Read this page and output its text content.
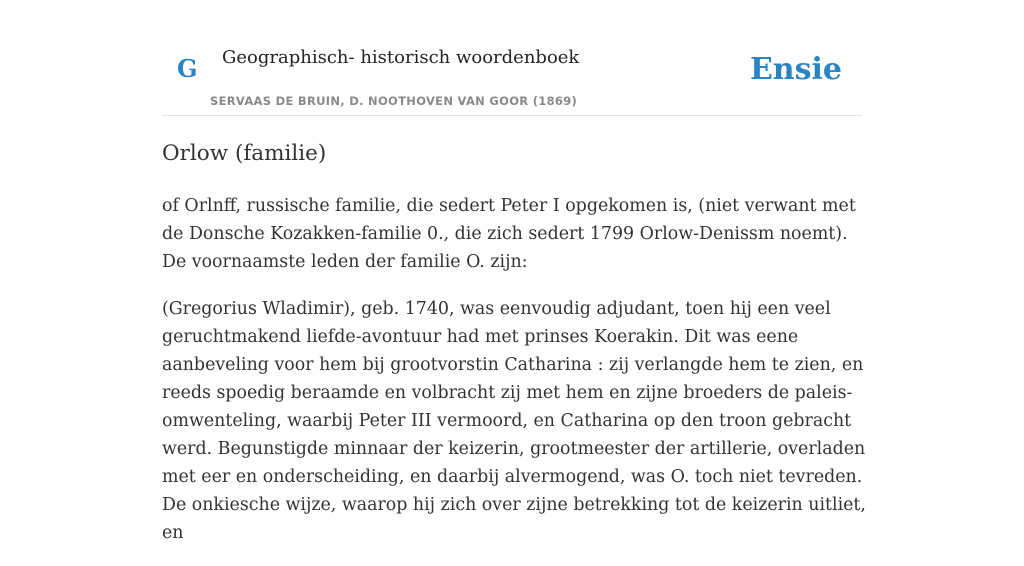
G Geographisch- historisch woordenboek
SERVAAS DE BRUIN, D. NOOTHOVEN VAN GOOR (1869)
Ensie
Orlow (familie)

of Orlnff, russische familie, die sedert Peter I opgekomen is, (niet verwant met de Donsche Kozakken-familie 0., die zich sedert 1799 Orlow-Denissm noemt). De voornaamste leden der familie O. zijn:

(Gregorius Wladimir), geb. 1740, was eenvoudig adjudant, toen hij een veel geruchtmakend liefde-avontuur had met prinses Koerakin. Dit was eene aanbeveling voor hem bij grootvorstin Catharina : zij verlangde hem te zien, en reeds spoedig beraamde en volbracht zij met hem en zijne broeders de paleis-omwenteling, waarbij Peter III vermoord, en Catharina op den troon gebracht werd. Begunstigde minnaar der keizerin, grootmeester der artillerie, overladen met eer en onderscheiding, en daarbij alvermogend, was O. toch niet tevreden. De onkiesche wijze, waarop hij zich over zijne betrekking tot de keizerin uitliet, en
